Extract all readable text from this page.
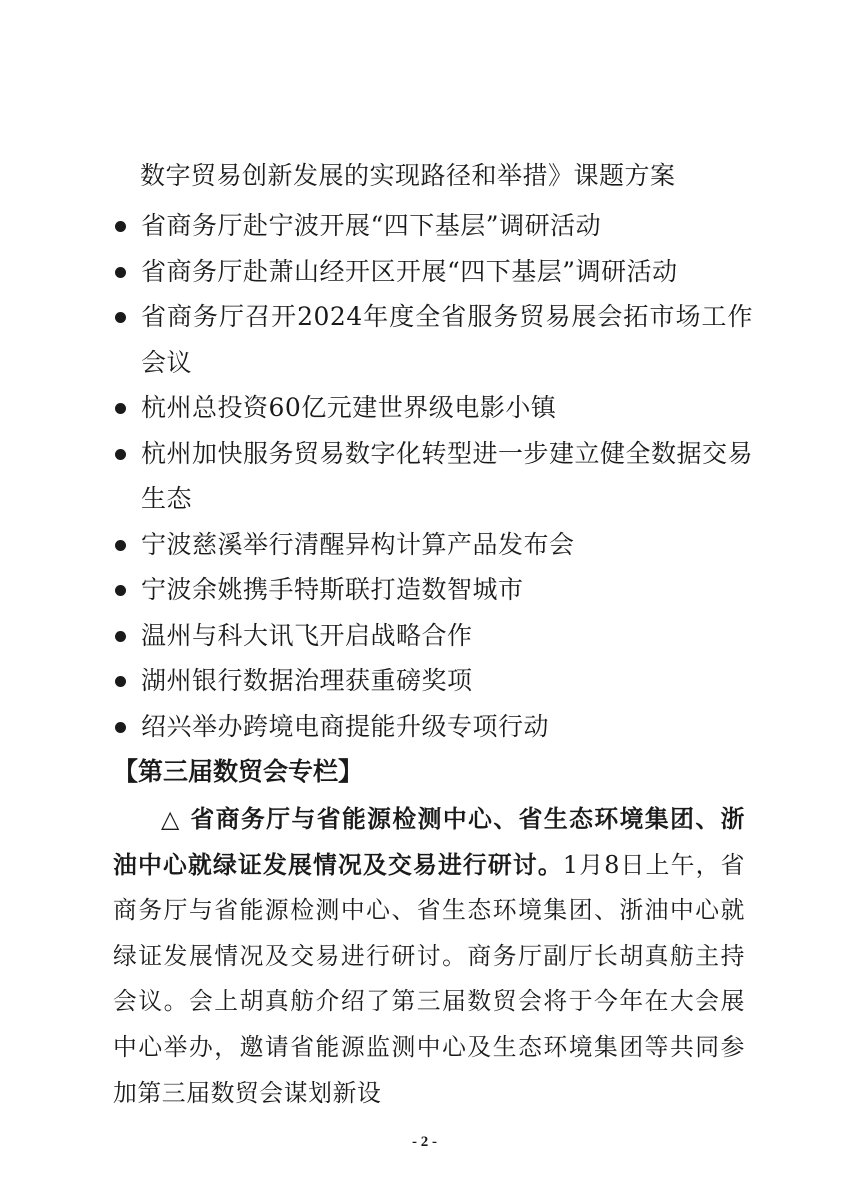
数字贸易创新发展的实现路径和举措》课题方案
省商务厅赴宁波开展“四下基层”调研活动
省商务厅赴萧山经开区开展“四下基层”调研活动
省商务厅召开2024年度全省服务贸易展会拓市场工作会议
杭州总投资60亿元建世界级电影小镇
杭州加快服务贸易数字化转型进一步建立健全数据交易生态
宁波慈溪举行清醒异构计算产品发布会
宁波余姚携手特斯联打造数智城市
温州与科大讯飞开启战略合作
湖州银行数据治理获重磅奖项
绍兴举办跨境电商提能升级专项行动
【第三届数贸会专栏】

△ 省商务厅与省能源检测中心、省生态环境集团、浙油中心就绿证发展情况及交易进行研讨。1月8日上午，省商务厅与省能源检测中心、省生态环境集团、浙油中心就绿证发展情况及交易进行研讨。商务厅副厅长胡真舫主持会议。会上胡真舫介绍了第三届数贸会将于今年在大会展中心举办，邀请省能源监测中心及生态环境集团等共同参加第三届数贸会谋划新设

- 2 -
